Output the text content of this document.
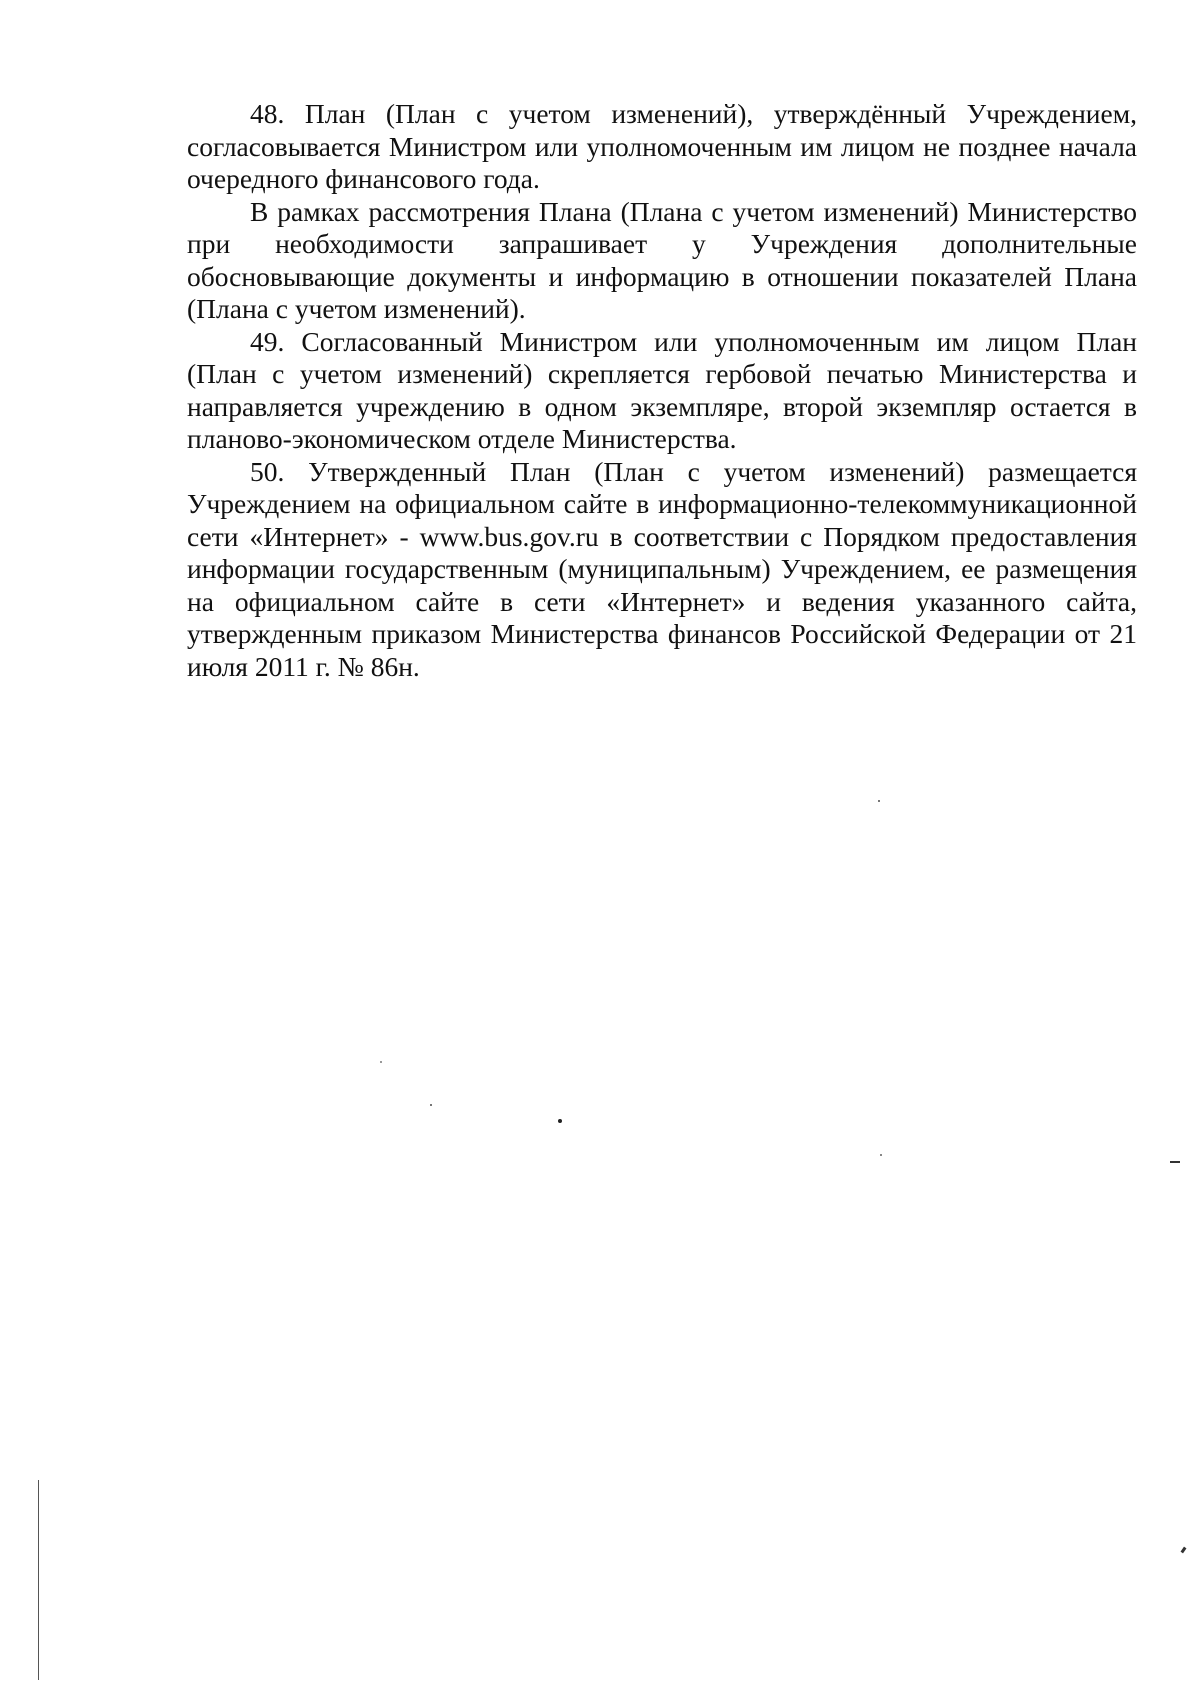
48. План (План с учетом изменений), утверждённый Учреждением, согласовывается Министром или уполномоченным им лицом не позднее начала очередного финансового года.

В рамках рассмотрения Плана (Плана с учетом изменений) Министерство при необходимости запрашивает у Учреждения дополнительные обосновывающие документы и информацию в отношении показателей Плана (Плана с учетом изменений).

49. Согласованный Министром или уполномоченным им лицом План (План с учетом изменений) скрепляется гербовой печатью Министерства и направляется учреждению в одном экземпляре, второй экземпляр остается в планово-экономическом отделе Министерства.

50. Утвержденный План (План с учетом изменений) размещается Учреждением на официальном сайте в информационно-телекоммуникационной сети «Интернет» - www.bus.gov.ru в соответствии с Порядком предоставления информации государственным (муниципальным) Учреждением, ее размещения на официальном сайте в сети «Интернет» и ведения указанного сайта, утвержденным приказом Министерства финансов Российской Федерации от 21 июля 2011 г. № 86н.
